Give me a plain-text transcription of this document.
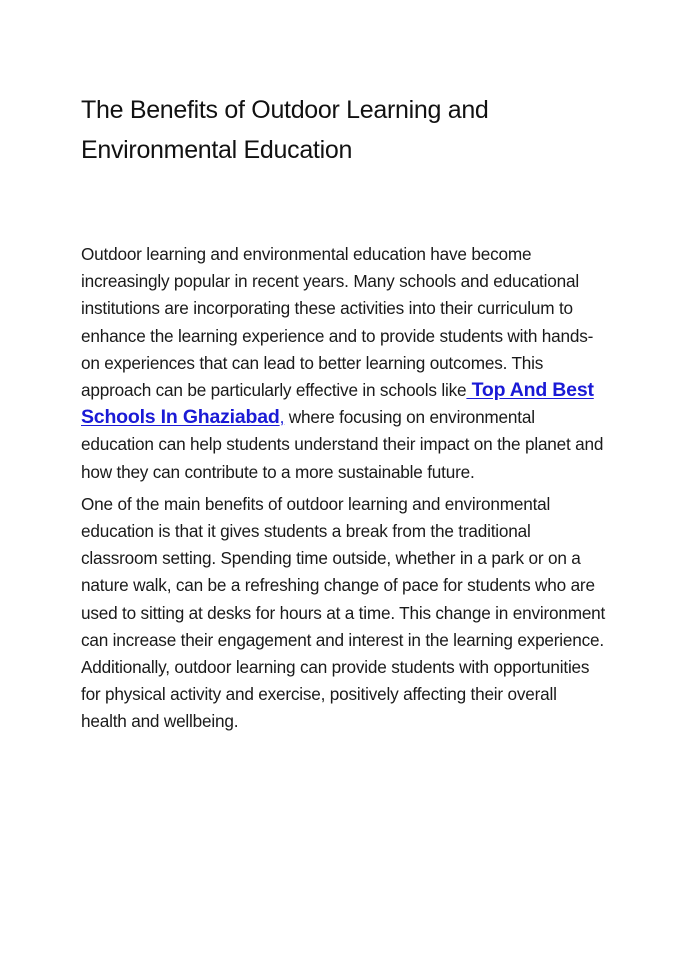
The Benefits of Outdoor Learning and
Environmental Education

Outdoor learning and environmental education have become increasingly popular in recent years. Many schools and educational institutions are incorporating these activities into their curriculum to enhance the learning experience and to provide students with hands-on experiences that can lead to better learning outcomes. This approach can be particularly effective in schools like Top And Best Schools In Ghaziabad, where focusing on environmental education can help students understand their impact on the planet and how they can contribute to a more sustainable future.

One of the main benefits of outdoor learning and environmental education is that it gives students a break from the traditional classroom setting. Spending time outside, whether in a park or on a nature walk, can be a refreshing change of pace for students who are used to sitting at desks for hours at a time. This change in environment can increase their engagement and interest in the learning experience. Additionally, outdoor learning can provide students with opportunities for physical activity and exercise, positively affecting their overall health and wellbeing.
